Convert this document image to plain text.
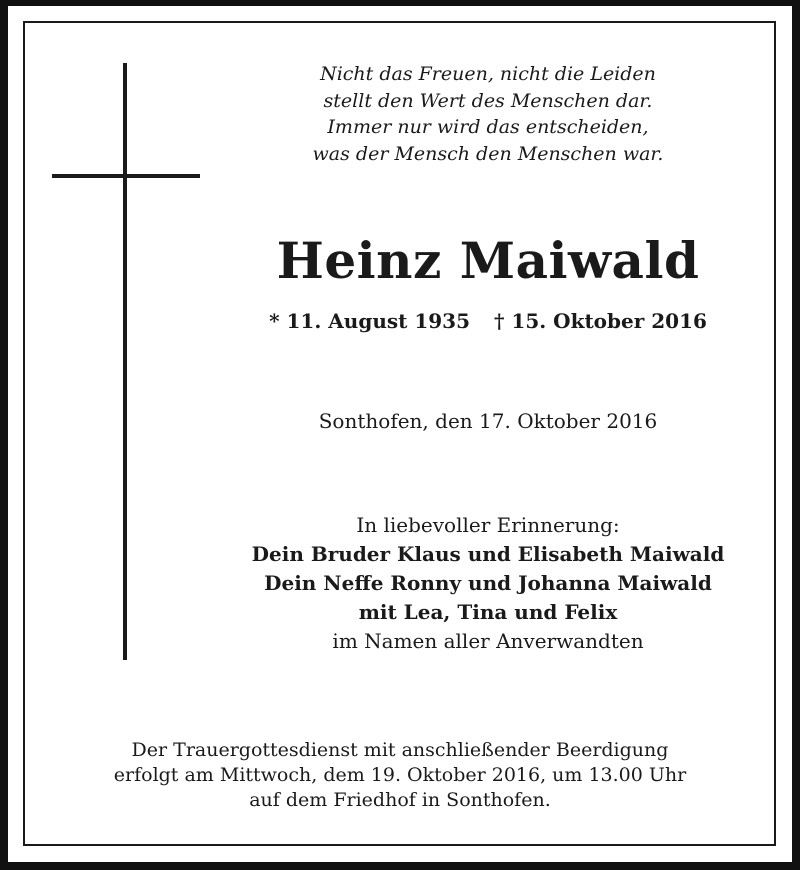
Nicht das Freuen, nicht die Leiden
stellt den Wert des Menschen dar.
Immer nur wird das entscheiden,
was der Mensch den Menschen war.
Heinz Maiwald
* 11. August 1935 † 15. Oktober 2016
Sonthofen, den 17. Oktober 2016
In liebevoller Erinnerung:
Dein Bruder Klaus und Elisabeth Maiwald
Dein Neffe Ronny und Johanna Maiwald
mit Lea, Tina und Felix
im Namen aller Anverwandten
Der Trauergottesdienst mit anschließender Beerdigung
erfolgt am Mittwoch, dem 19. Oktober 2016, um 13.00 Uhr
auf dem Friedhof in Sonthofen.
